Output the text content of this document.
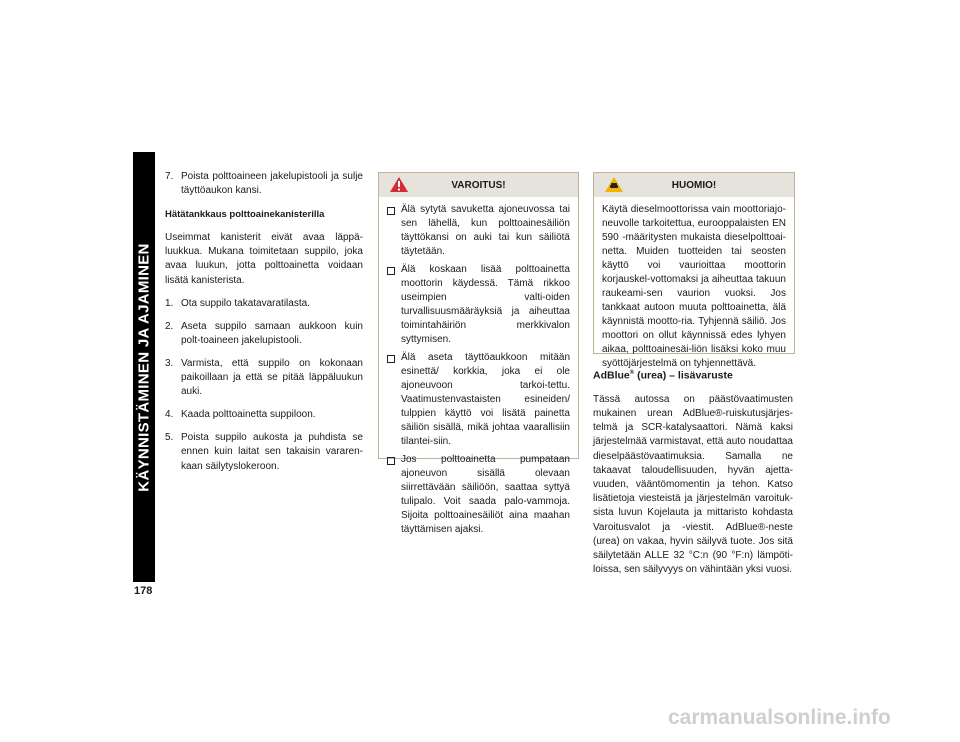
KÄYNNISTÄMINEN JA AJAMINEN
178
7. Poista polttoaineen jakelupistooli ja sulje täyttöaukon kansi.
Hätätankkaus polttoainekanisterilla

Useimmat kanisterit eivät avaa läppä-luukkua. Mukana toimitetaan suppilo, joka avaa luukun, jotta polttoainetta voidaan lisätä kanisterista.

1. Ota suppilo takatavaratilasta.
2. Aseta suppilo samaan aukkoon kuin polt-toaineen jakelupistooli.
3. Varmista, että suppilo on kokonaan paikoillaan ja että se pitää läppäluukun auki.
4. Kaada polttoainetta suppiloon.
5. Poista suppilo aukosta ja puhdista se ennen kuin laitat sen takaisin vararen-kaan säilytyslokeroon.
VAROITUS!
Älä sytytä savuketta ajoneuvossa tai sen lähellä, kun polttoainesäiliön täyttökansi on auki tai kun säiliötä täytetään.
Älä koskaan lisää polttoainetta moottorin käydessä. Tämä rikkoo useimpien valti-oiden turvallisuusmääräyksiä ja aiheuttaa toimintahäiriön merkkivalon syttymisen.
Älä aseta täyttöaukkoon mitään esinettä/ korkkia, joka ei ole ajoneuvoon tarkoi-tettu. Vaatimustenvastaisten esineiden/ tulppien käyttö voi lisätä painetta säiliön sisällä, mikä johtaa vaarallisiin tilantei-siin.
Jos polttoainetta pumpataan ajoneuvon sisällä olevaan siirrettävään säiliöön, saattaa syttyä tulipalo. Voit saada palo-vammoja. Sijoita polttoainesäiliöt aina maahan täyttämisen ajaksi.
HUOMIO!

Käytä dieselmoottorissa vain moottoriajo-neuvolle tarkoitettua, eurooppalaisten EN 590 -määritysten mukaista dieselpolttoai-netta. Muiden tuotteiden tai seosten käyttö voi vaurioittaa moottorin korjauskel-vottomaksi ja aiheuttaa takuun raukeami-sen vaurion vuoksi. Jos tankkaat autoon muuta polttoainetta, älä käynnistä mootto-ria. Tyhjennä säiliö. Jos moottori on ollut käynnissä edes lyhyen aikaa, polttoainesäi-liön lisäksi koko muu syöttöjärjestelmä on tyhjennettävä.

AdBlue® (urea) – lisävaruste

Tässä autossa on päästövaatimusten mukainen urean AdBlue®-ruiskutusjärjes-telmä ja SCR-katalysaattori. Nämä kaksi järjestelmää varmistavat, että auto noudattaa dieselpäästövaatimuksia. Samalla ne takaavat taloudellisuuden, hyvän ajetta-vuuden, vääntömomentin ja tehon. Katso lisätietoja viesteistä ja järjestelmän varoituk-sista luvun Kojelauta ja mittaristo kohdasta Varoitusvalot ja -viestit. AdBlue®-neste (urea) on vakaa, hyvin säilyvä tuote. Jos sitä säilytetään ALLE 32 °C:n (90 °F:n) lämpöti-loissa, sen säilyvyys on vähintään yksi vuosi.

carmanualsonline.info
